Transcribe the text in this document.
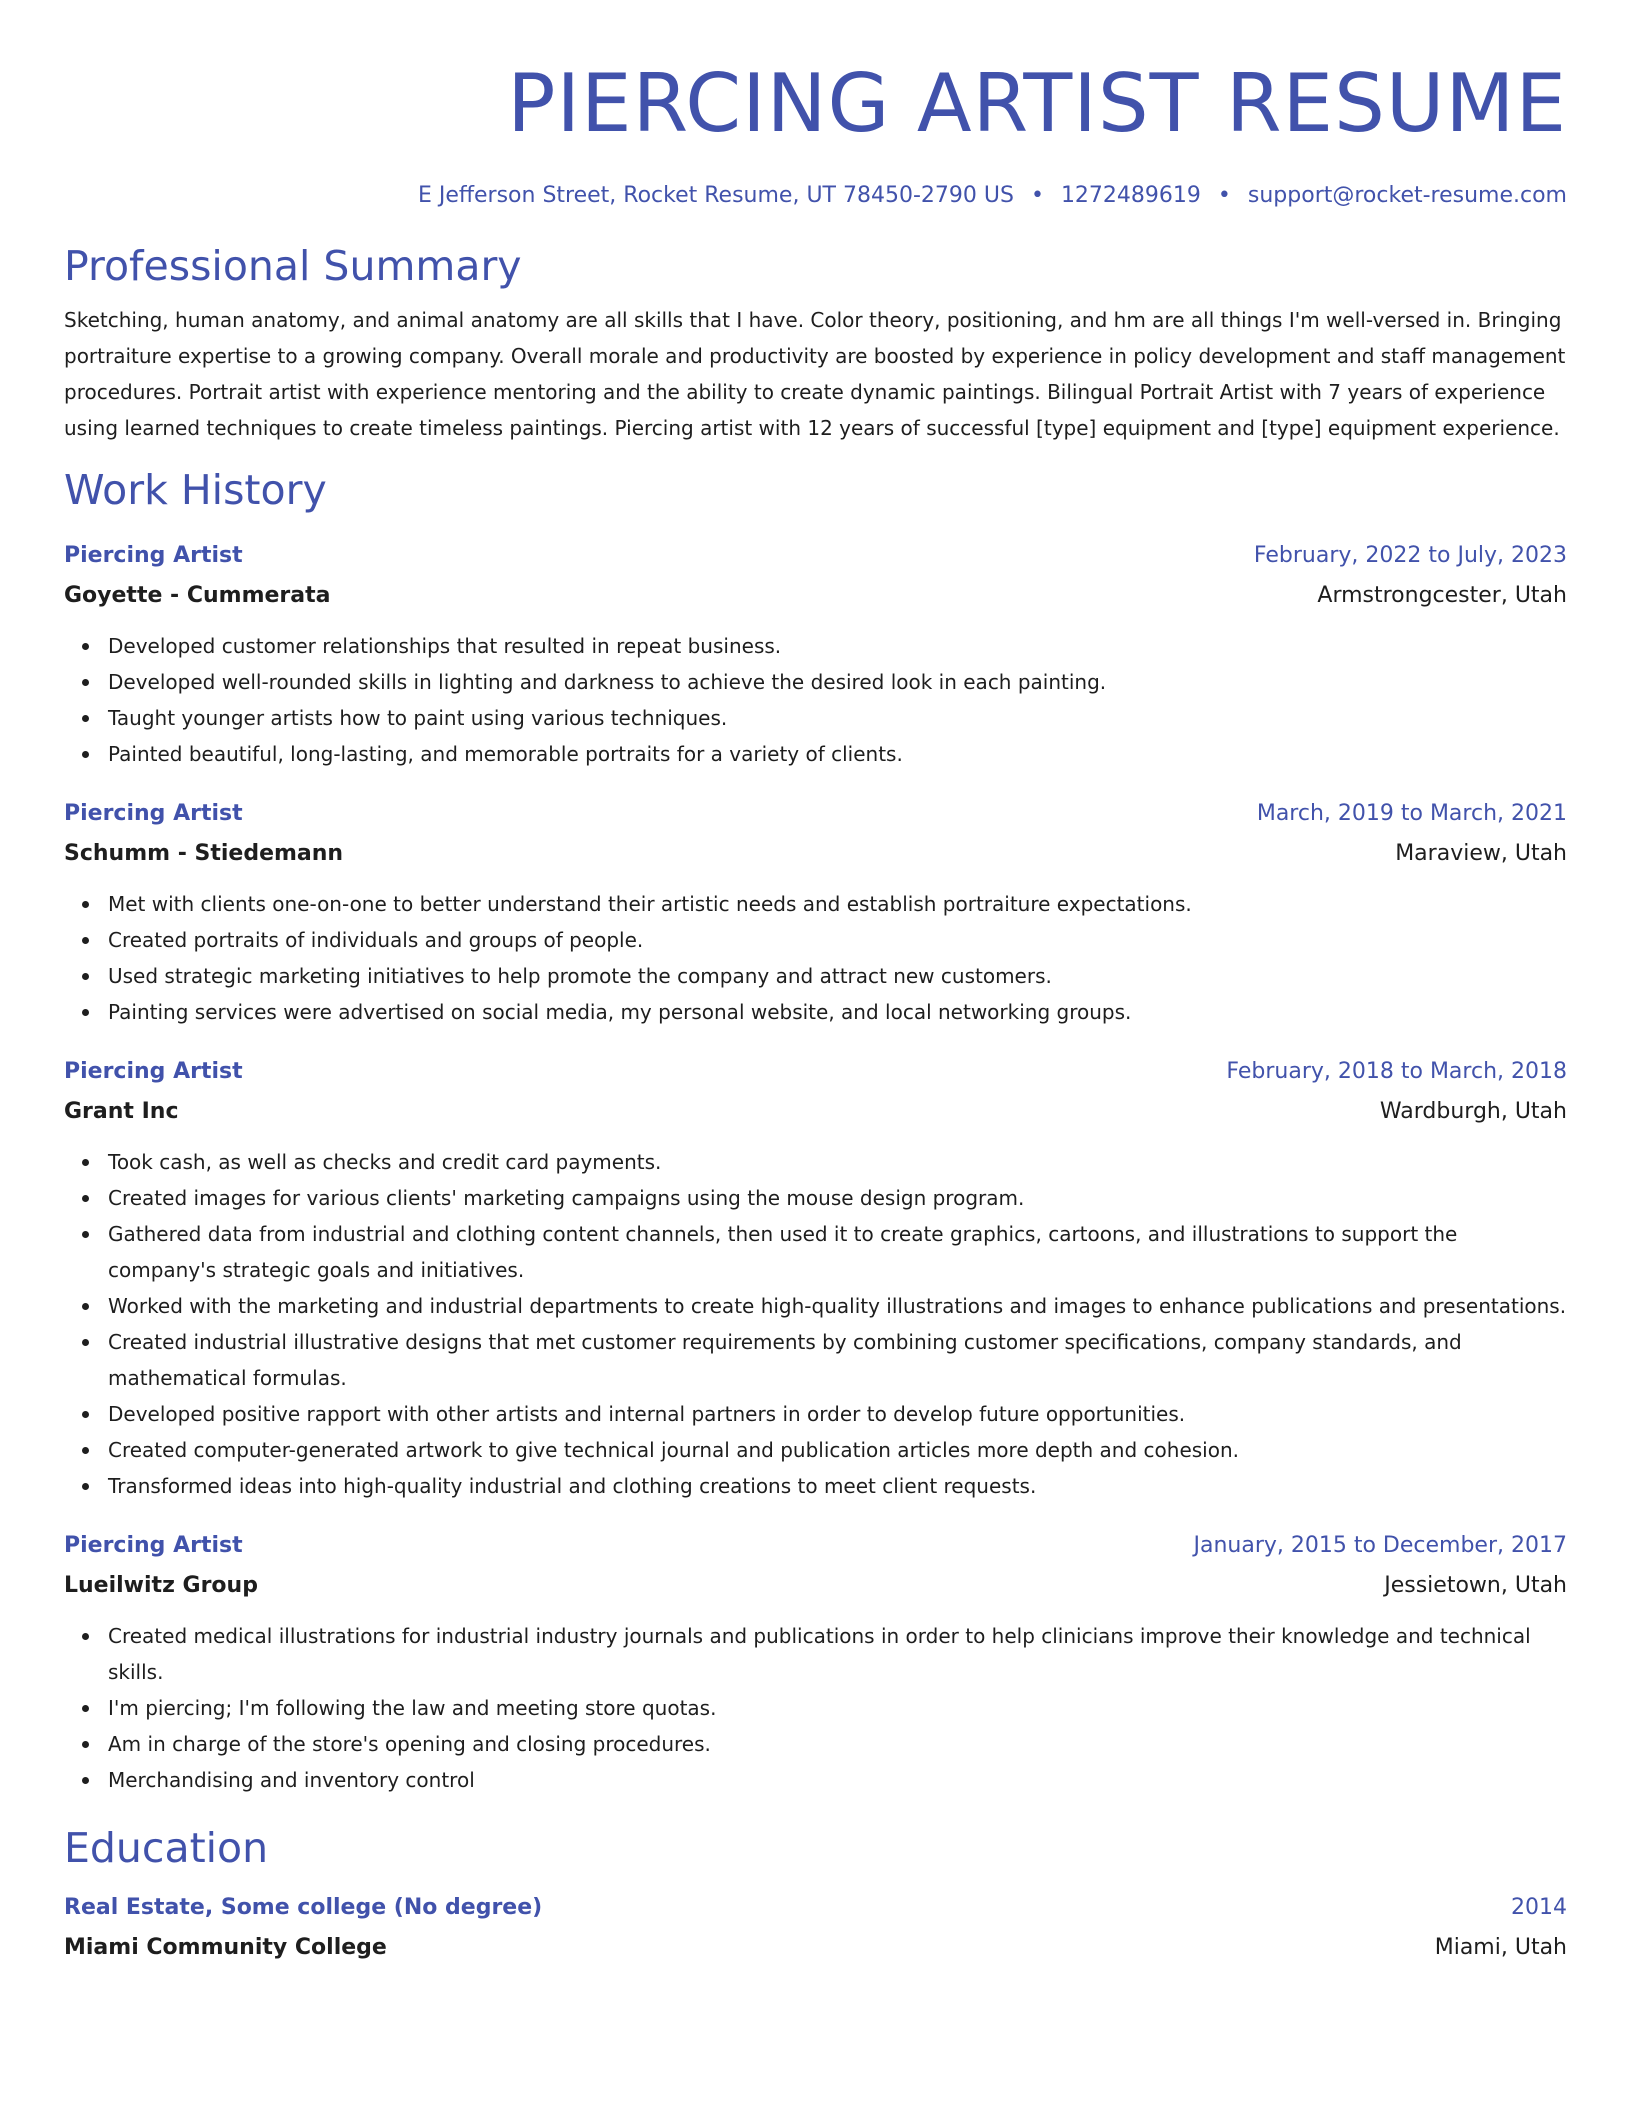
PIERCING ARTIST RESUME
E Jefferson Street, Rocket Resume, UT 78450-2790 US • 1272489619 • support@rocket-resume.com
Professional Summary
Sketching, human anatomy, and animal anatomy are all skills that I have. Color theory, positioning, and hm are all things I'm well-versed in. Bringing portraiture expertise to a growing company. Overall morale and productivity are boosted by experience in policy development and staff management procedures. Portrait artist with experience mentoring and the ability to create dynamic paintings. Bilingual Portrait Artist with 7 years of experience using learned techniques to create timeless paintings. Piercing artist with 12 years of successful [type] equipment and [type] equipment experience.
Work History
Piercing Artist	February, 2022 to July, 2023
Goyette - Cummerata	Armstrongcester, Utah
Developed customer relationships that resulted in repeat business.
Developed well-rounded skills in lighting and darkness to achieve the desired look in each painting.
Taught younger artists how to paint using various techniques.
Painted beautiful, long-lasting, and memorable portraits for a variety of clients.
Piercing Artist	March, 2019 to March, 2021
Schumm - Stiedemann	Maraview, Utah
Met with clients one-on-one to better understand their artistic needs and establish portraiture expectations.
Created portraits of individuals and groups of people.
Used strategic marketing initiatives to help promote the company and attract new customers.
Painting services were advertised on social media, my personal website, and local networking groups.
Piercing Artist	February, 2018 to March, 2018
Grant Inc	Wardburgh, Utah
Took cash, as well as checks and credit card payments.
Created images for various clients' marketing campaigns using the mouse design program.
Gathered data from industrial and clothing content channels, then used it to create graphics, cartoons, and illustrations to support the company's strategic goals and initiatives.
Worked with the marketing and industrial departments to create high-quality illustrations and images to enhance publications and presentations.
Created industrial illustrative designs that met customer requirements by combining customer specifications, company standards, and mathematical formulas.
Developed positive rapport with other artists and internal partners in order to develop future opportunities.
Created computer-generated artwork to give technical journal and publication articles more depth and cohesion.
Transformed ideas into high-quality industrial and clothing creations to meet client requests.
Piercing Artist	January, 2015 to December, 2017
Lueilwitz Group	Jessietown, Utah
Created medical illustrations for industrial industry journals and publications in order to help clinicians improve their knowledge and technical skills.
I'm piercing; I'm following the law and meeting store quotas.
Am in charge of the store's opening and closing procedures.
Merchandising and inventory control
Education
Real Estate, Some college (No degree)	2014
Miami Community College	Miami, Utah
